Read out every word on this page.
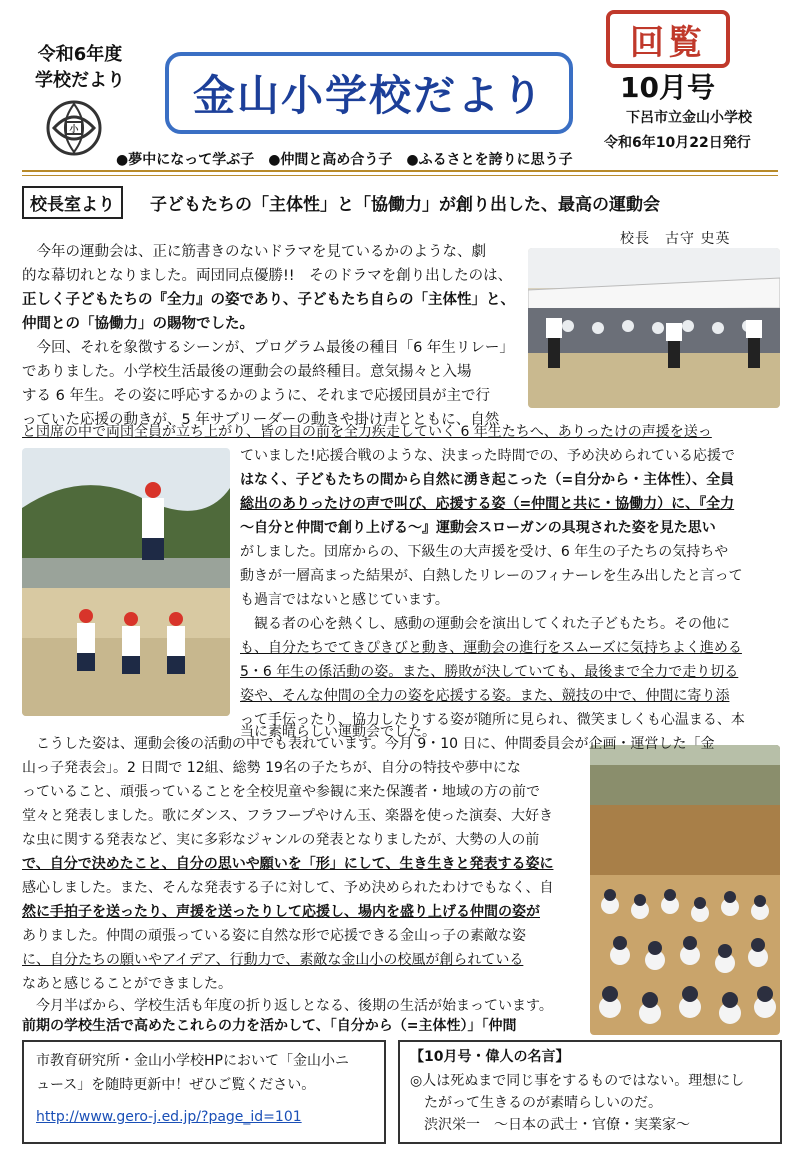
令和6年度
学校だより
小
金山小学校だより
回覧
10月号
下呂市立金山小学校
令和6年10月22日発行
●夢中になって学ぶ子　●仲間と高め合う子　●ふるさとを誇りに思う子
校長室より	子どもたちの「主体性」と「協働力」が創り出した、最高の運動会
校長　古守 史英
　今年の運動会は、正に筋書きのないドラマを見ているかのような、劇
的な幕切れとなりました。両団同点優勝!!　そのドラマを創り出したのは、
正しく子どもたちの『全力』の姿であり、子どもたち自らの「主体性」と、
仲間との「協働力」の賜物でした。
　今回、それを象徴するシーンが、プログラム最後の種目「6 年生リレー」
でありました。小学校生活最後の運動会の最終種目。意気揚々と入場
する 6 年生。その姿に呼応するかのように、それまで応援団員が主で行
っていた応援の動きが、5 年サブリーダーの動きや掛け声とともに、自然
と団席の中で両団全員が立ち上がり、皆の目の前を全力疾走していく 6 年生たちへ、ありったけの声援を送っ
ていました!応援合戦のような、決まった時間での、予め決められている応援で
はなく、子どもたちの間から自然に湧き起こった（=自分から・主体性）、全員
総出のありったけの声で叫び、応援する姿（=仲間と共に・協働力）に、『全力
～自分と仲間で創り上げる～』運動会スローガンの具現された姿を見た思い
がしました。団席からの、下級生の大声援を受け、6 年生の子たちの気持ちや
動きが一層高まった結果が、白熱したリレーのフィナーレを生み出したと言って
も過言ではないと感じています。
　観る者の心を熱くし、感動の運動会を演出してくれた子どもたち。その他に
も、自分たちでてきぴきびと動き、運動会の進行をスムーズに気持ちよく進める
5・6 年生の係活動の姿。また、勝敗が決していても、最後まで全力で走り切る
姿や、そんな仲間の全力の姿を応援する姿。また、競技の中で、仲間に寄り添
って手伝ったり、協力したりする姿が随所に見られ、微笑ましくも心温まる、本
当に素晴らしい運動会でした。
　こうした姿は、運動会後の活動の中でも表れています。今月 9・10 日に、仲間委員会が企画・運営した「金
山っ子発表会」。2 日間で 12組、総勢 19名の子たちが、自分の特技や夢中にな
っていること、頑張っていることを全校児童や参観に来た保護者・地域の方の前で
堂々と発表しました。歌にダンス、フラフープやけん玉、楽器を使った演奏、大好き
な虫に関する発表など、実に多彩なジャンルの発表となりましたが、大勢の人の前
で、自分で決めたこと、自分の思いや願いを「形」にして、生き生きと発表する姿に
感心しました。また、そんな発表する子に対して、予め決められたわけでもなく、自
然に手拍子を送ったり、声援を送ったりして応援し、場内を盛り上げる仲間の姿が
ありました。仲間の頑張っている姿に自然な形で応援できる金山っ子の素敵な姿
に、自分たちの願いやアイデア、行動力で、素敵な金山小の校風が創られている
なあと感じることができました。
　今月半ばから、学校生活も年度の折り返しとなる、後期の生活が始まっています。
前期の学校生活で高めたこれらの力を活かして、「自分から（=主体性）」「仲間
市教育研究所・金山小学校HPにおいて「金山小ニ
ュース」を随時更新中！ぜひご覧ください。
http://www.gero-j.ed.jp/?page_id=101
【10月号・偉人の名言】
◎人は死ぬまで同じ事をするものではない。理想にし
　たがって生きるのが素晴らしいのだ。
　渋沢栄一　～日本の武士・官僚・実業家～
